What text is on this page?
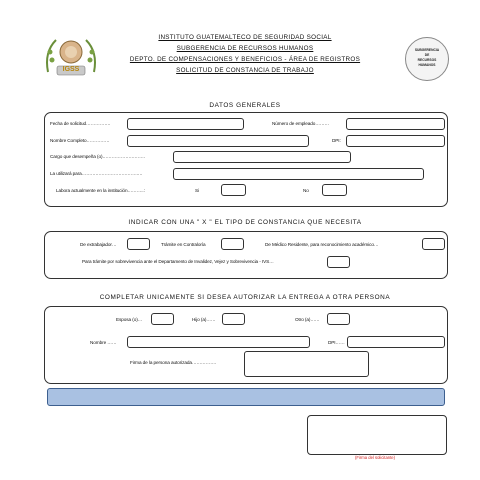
IGSS
INSTITUTO GUATEMALTECO DE SEGURIDAD SOCIAL
SUBGERENCIA DE RECURSOS HUMANOS
DEPTO. DE COMPENSACIONES Y BENEFICIOS - ÁREA DE REGISTROS
SOLICITUD DE CONSTANCIA DE TRABAJO
SUBGERENCIA
DE
RECURSOS
HUMANOS
DATOS GENERALES
Fecha de solicitud…………….	Número de empleado………
Nombre Completo……………	DPI:
Cargo que desempeña (o)……………………….
La utilizará para……………………………….…
Labora actualmente en la institución………..:	Si	No
INDICAR CON UNA " X " EL TIPO DE CONSTANCIA QUE NECESITA
De extrabajador…	Trámite en Contraloría	De Médico Residente, para reconocimiento académico…
Para trámite por sobrevivencia ante el Departamento de Invalidez, Vejez y Sobrevivencia - IVS…
COMPLETAR UNICAMENTE SI DESEA AUTORIZAR LA ENTREGA A OTRA PERSONA
Esposa (o)…	Hijo (a)……	Otro (a)……
Nombre ……	DPI……
Firma de la persona autorizada…………….
(Firma del solicitante)
